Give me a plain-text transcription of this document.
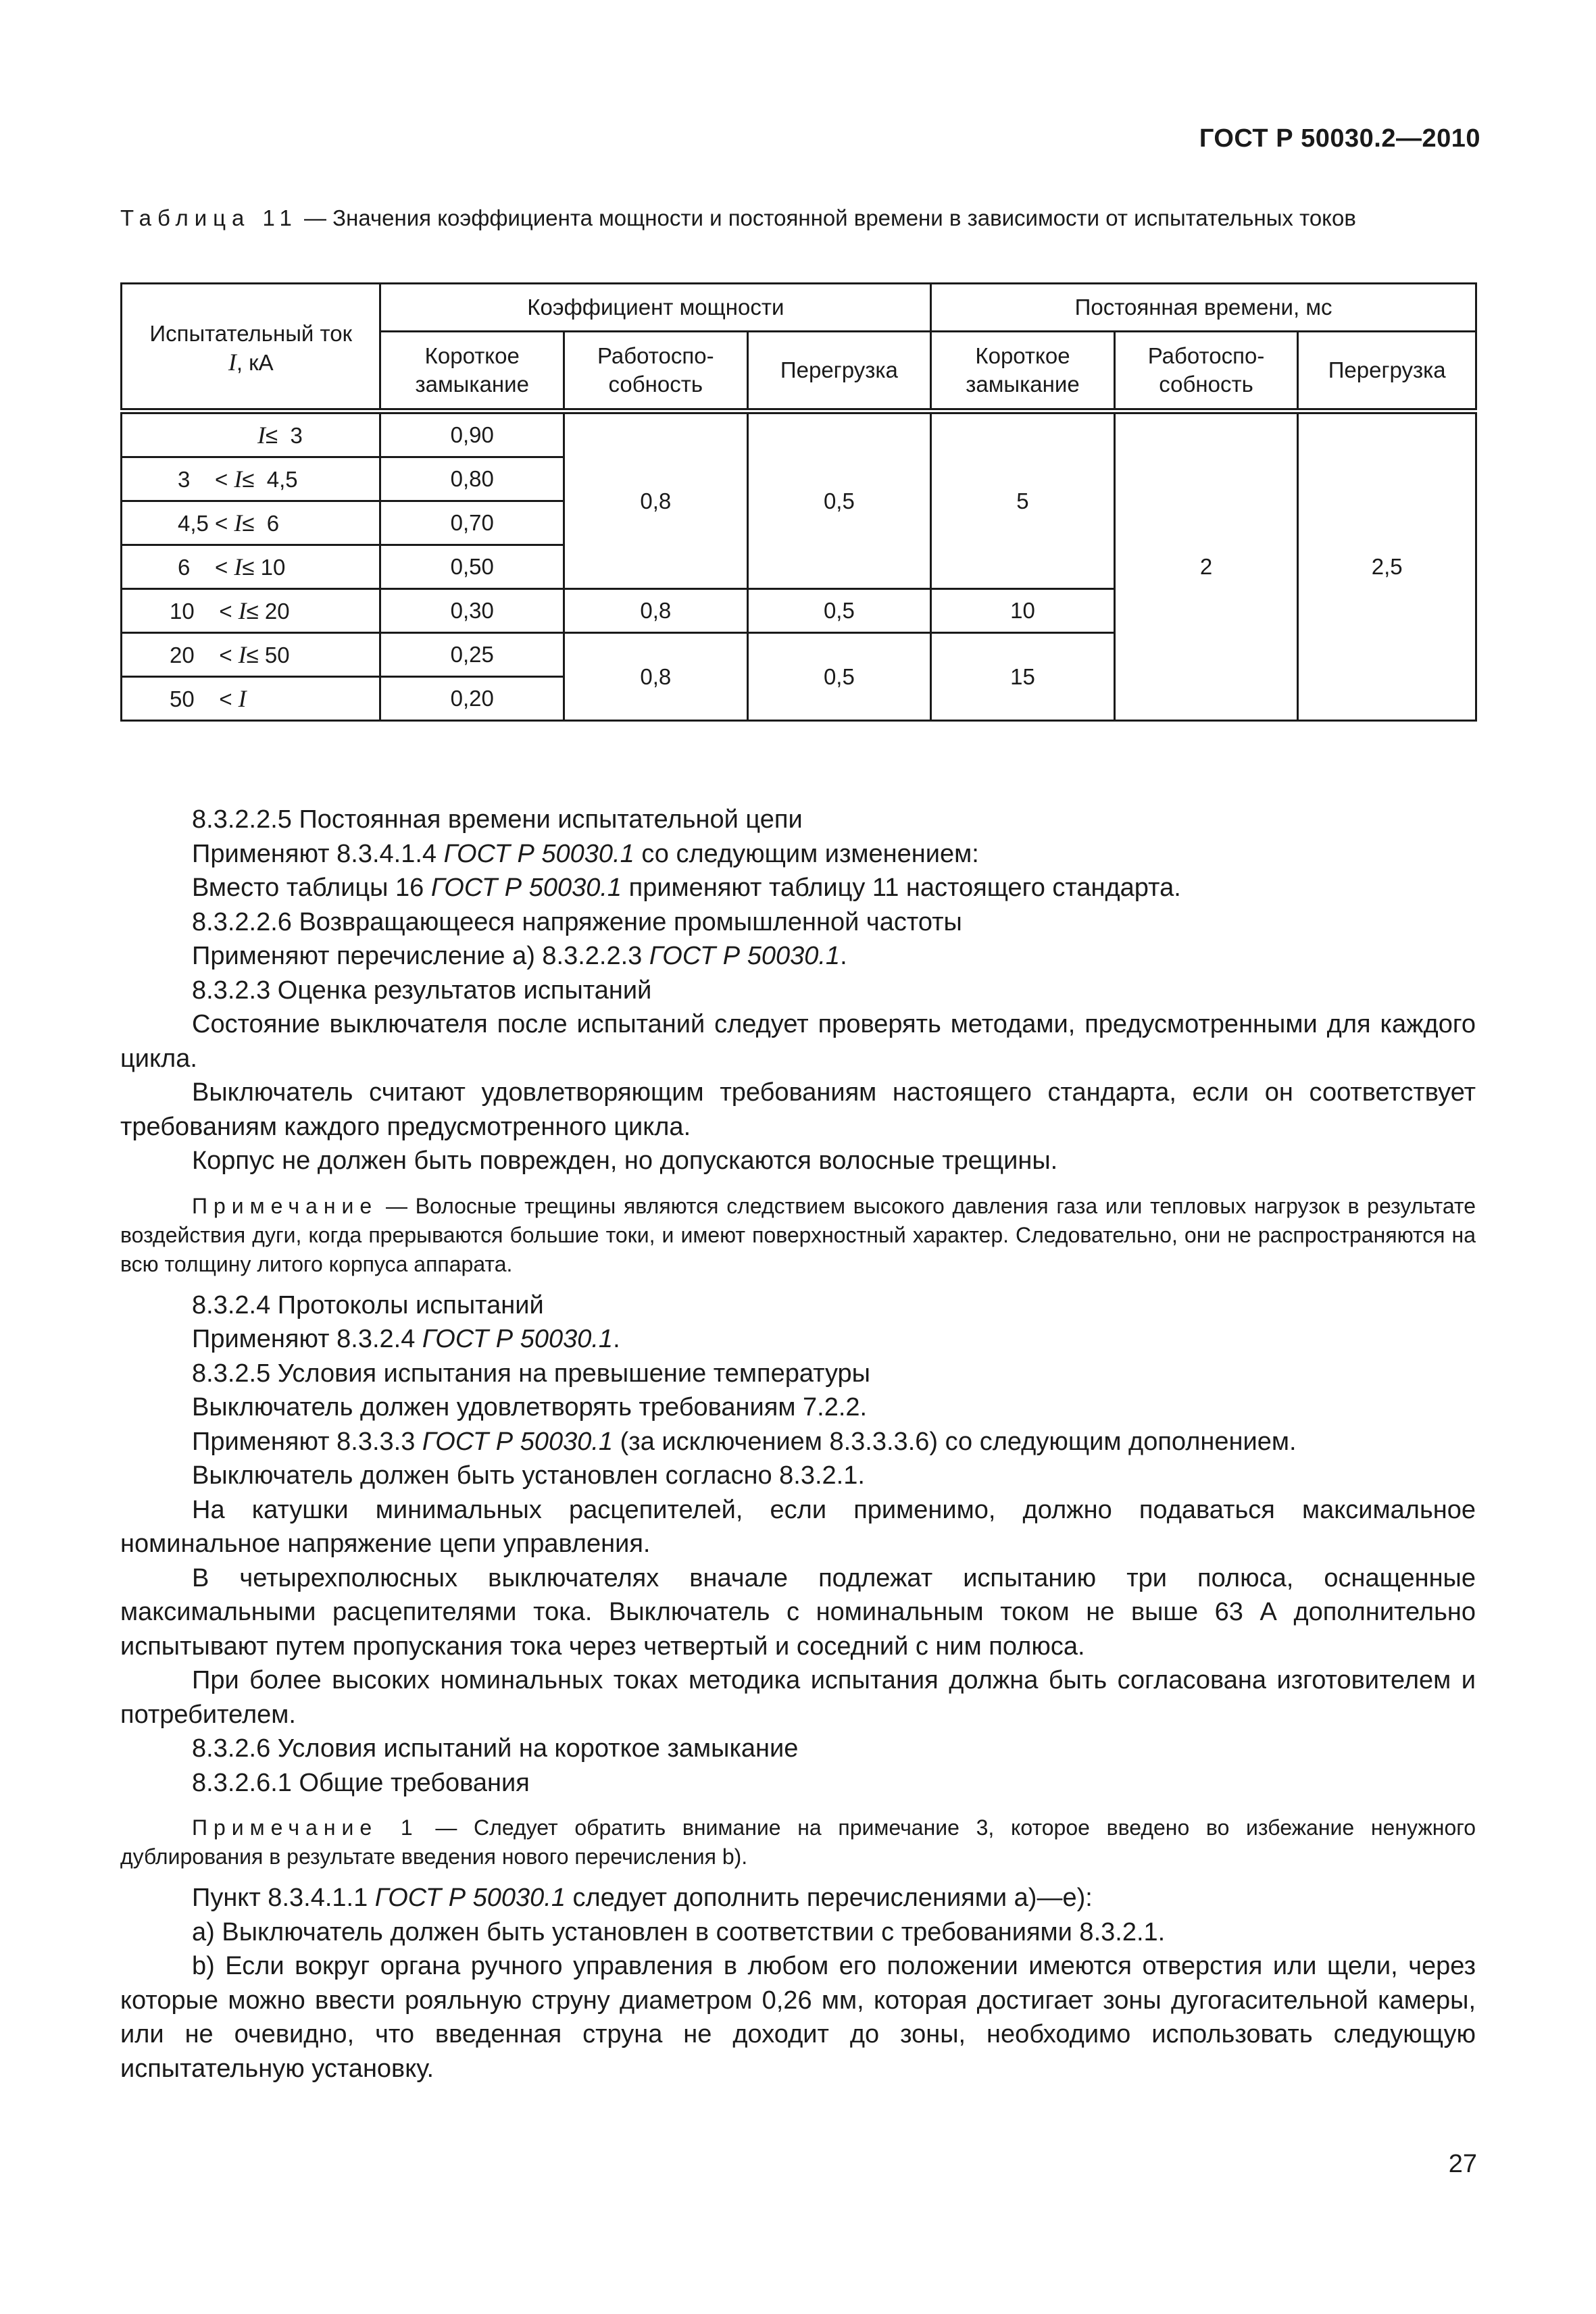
ГОСТ Р 50030.2—2010
Таблица 11 — Значения коэффициента мощности и постоянной времени в зависимости от испытательных токов
Испытательный ток
I, кА	Коэффициент мощности			Постоянная времени, мс		
	Короткое замыкание	Работоспо-собность	Перегрузка	Короткое замыкание	Работоспо-собность	Перегрузка
I≤  3	0,90	0,8	0,5	5	2	2,5
3    < I≤  4,5	0,80					
4,5 < I≤  6	0,70					
6    < I≤ 10	0,50					
10    < I≤ 20	0,30	0,8	0,5	10		
20    < I≤ 50	0,25	0,8	0,5	15		
50    < I	0,20					

8.3.2.2.5 Постоянная времени испытательной цепи

Применяют 8.3.4.1.4 ГОСТ Р 50030.1 со следующим изменением:

Вместо таблицы 16 ГОСТ Р 50030.1 применяют таблицу 11 настоящего стандарта.

8.3.2.2.6 Возвращающееся напряжение промышленной частоты

Применяют перечисление а) 8.3.2.2.3 ГОСТ Р 50030.1.

8.3.2.3 Оценка результатов испытаний

Состояние выключателя после испытаний следует проверять методами, предусмотренными для каждого цикла.

Выключатель считают удовлетворяющим требованиям настоящего стандарта, если он соответствует требованиям каждого предусмотренного цикла.

Корпус не должен быть поврежден, но допускаются волосные трещины.

Примечание — Волосные трещины являются следствием высокого давления газа или тепловых нагрузок в результате воздействия дуги, когда прерываются большие токи, и имеют поверхностный характер. Следовательно, они не распространяются на всю толщину литого корпуса аппарата.

8.3.2.4 Протоколы испытаний

Применяют 8.3.2.4 ГОСТ Р 50030.1.

8.3.2.5 Условия испытания на превышение температуры

Выключатель должен удовлетворять требованиям 7.2.2.

Применяют 8.3.3.3 ГОСТ Р 50030.1 (за исключением 8.3.3.3.6) со следующим дополнением.

Выключатель должен быть установлен согласно 8.3.2.1.

На катушки минимальных расцепителей, если применимо, должно подаваться максимальное номинальное напряжение цепи управления.

В четырехполюсных выключателях вначале подлежат испытанию три полюса, оснащенные максимальными расцепителями тока. Выключатель с номинальным током не выше 63 А дополнительно испытывают путем пропускания тока через четвертый и соседний с ним полюса.

При более высоких номинальных токах методика испытания должна быть согласована изготовителем и потребителем.

8.3.2.6 Условия испытаний на короткое замыкание

8.3.2.6.1 Общие требования

Примечание 1 — Следует обратить внимание на примечание 3, которое введено во избежание ненужного дублирования в результате введения нового перечисления b).

Пункт 8.3.4.1.1 ГОСТ Р 50030.1 следует дополнить перечислениями а)—е):

а) Выключатель должен быть установлен в соответствии с требованиями 8.3.2.1.

b) Если вокруг органа ручного управления в любом его положении имеются отверстия или щели, через которые можно ввести рояльную струну диаметром 0,26 мм, которая достигает зоны дугогасительной камеры, или не очевидно, что введенная струна не доходит до зоны, необходимо использовать следующую испытательную установку.

27
